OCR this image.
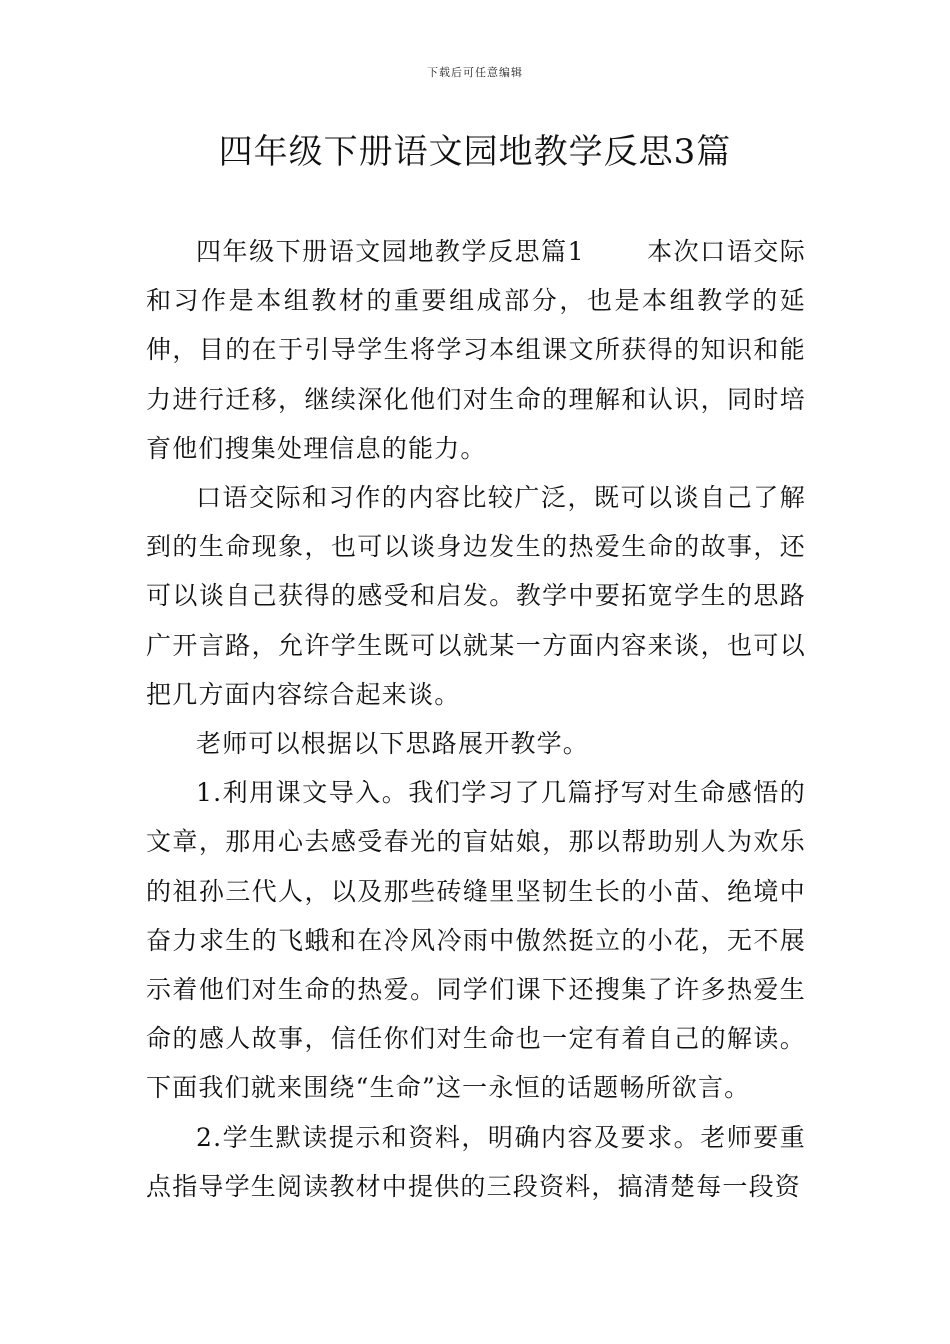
下载后可任意编辑
四年级下册语文园地教学反思3篇

四年级下册语文园地教学反思篇1 本次口语交际和习作是本组教材的重要组成部分，也是本组教学的延伸，目的在于引导学生将学习本组课文所获得的知识和能力进行迁移，继续深化他们对生命的理解和认识，同时培育他们搜集处理信息的能力。

口语交际和习作的内容比较广泛，既可以谈自己了解到的生命现象，也可以谈身边发生的热爱生命的故事，还可以谈自己获得的感受和启发。教学中要拓宽学生的思路广开言路，允许学生既可以就某一方面内容来谈，也可以把几方面内容综合起来谈。

老师可以根据以下思路展开教学。

1.利用课文导入。我们学习了几篇抒写对生命感悟的文章，那用心去感受春光的盲姑娘，那以帮助别人为欢乐的祖孙三代人，以及那些砖缝里坚韧生长的小苗、绝境中奋力求生的飞蛾和在冷风冷雨中傲然挺立的小花，无不展示着他们对生命的热爱。同学们课下还搜集了许多热爱生命的感人故事，信任你们对生命也一定有着自己的解读。下面我们就来围绕“生命”这一永恒的话题畅所欲言。

2.学生默读提示和资料，明确内容及要求。老师要重点指导学生阅读教材中提供的三段资料，搞清楚每一段资
